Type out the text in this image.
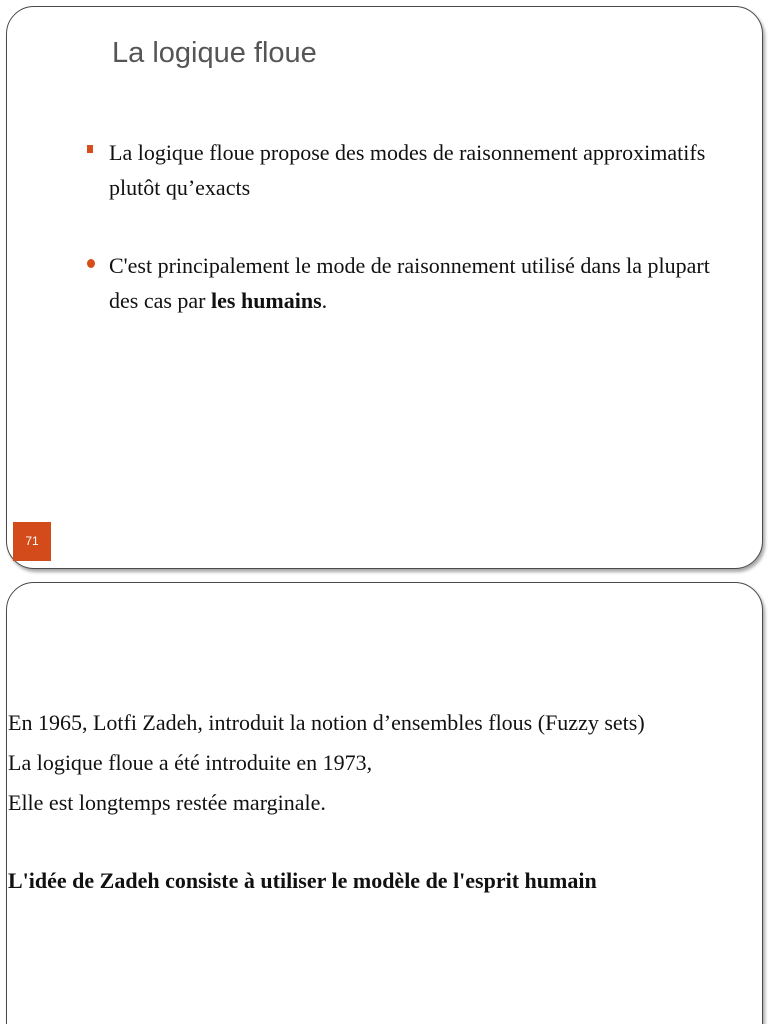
La logique floue
La logique floue propose des modes de raisonnement approximatifs plutôt qu’exacts
C'est principalement le mode de raisonnement utilisé dans la plupart des cas par les humains.
71

En 1965, Lotfi Zadeh, introduit la notion d’ensembles flous (Fuzzy sets)

La logique floue a été introduite en 1973,

Elle est longtemps restée marginale.

L'idée de Zadeh consiste à utiliser le modèle de l'esprit humain
